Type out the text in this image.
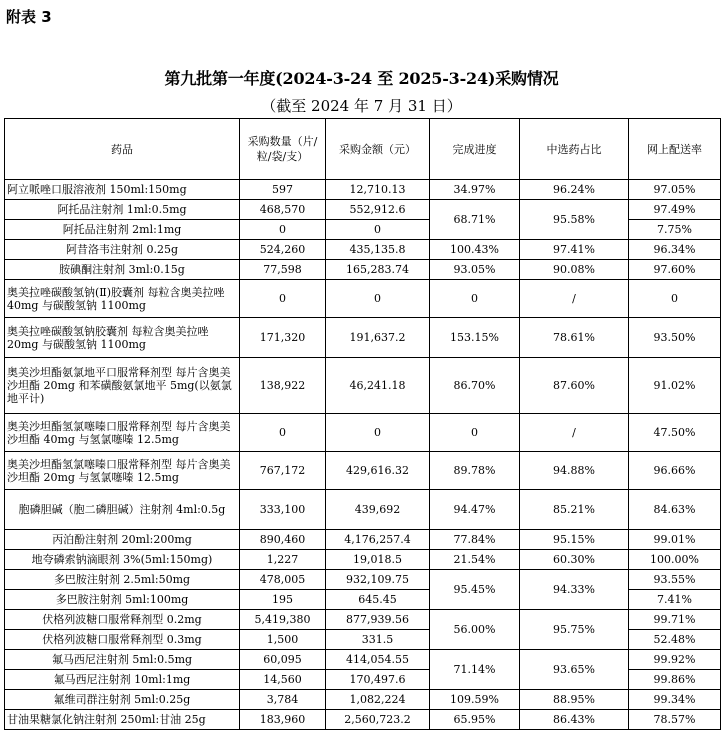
附表 3
第九批第一年度(2024-3-24 至 2025-3-24)采购情况
（截至 2024 年 7 月 31 日）
药品	采购数量（片/粒/袋/支）	采购金额（元）	完成进度	中选药占比	网上配送率
阿立哌唑口服溶液剂 150ml:150mg	597	12,710.13	34.97%	96.24%	97.05%
阿托品注射剂 1ml:0.5mg	468,570	552,912.6	68.71%	95.58%	97.49%
阿托品注射剂 2ml:1mg	0	0			7.75%
阿昔洛韦注射剂 0.25g	524,260	435,135.8	100.43%	97.41%	96.34%
胺碘酮注射剂 3ml:0.15g	77,598	165,283.74	93.05%	90.08%	97.60%
奥美拉唑碳酸氢钠(Ⅱ)胶囊剂 每粒含奥美拉唑 40mg 与碳酸氢钠 1100mg	0	0	0	/	0
奥美拉唑碳酸氢钠胶囊剂 每粒含奥美拉唑 20mg 与碳酸氢钠 1100mg	171,320	191,637.2	153.15%	78.61%	93.50%
奥美沙坦酯氨氯地平口服常释剂型 每片含奥美沙坦酯 20mg 和苯磺酸氨氯地平 5mg(以氨氯地平计)	138,922	46,241.18	86.70%	87.60%	91.02%
奥美沙坦酯氢氯噻嗪口服常释剂型 每片含奥美沙坦酯 40mg 与氢氯噻嗪 12.5mg	0	0	0	/	47.50%
奥美沙坦酯氢氯噻嗪口服常释剂型 每片含奥美沙坦酯 20mg 与氢氯噻嗪 12.5mg	767,172	429,616.32	89.78%	94.88%	96.66%
胞磷胆碱（胞二磷胆碱）注射剂 4ml:0.5g	333,100	439,692	94.47%	85.21%	84.63%
丙泊酚注射剂 20ml:200mg	890,460	4,176,257.4	77.84%	95.15%	99.01%
地夸磷索钠滴眼剂 3%(5ml:150mg)	1,227	19,018.5	21.54%	60.30%	100.00%
多巴胺注射剂 2.5ml:50mg	478,005	932,109.75	95.45%	94.33%	93.55%
多巴胺注射剂 5ml:100mg	195	645.45			7.41%
伏格列波糖口服常释剂型 0.2mg	5,419,380	877,939.56	56.00%	95.75%	99.71%
伏格列波糖口服常释剂型 0.3mg	1,500	331.5			52.48%
氟马西尼注射剂 5ml:0.5mg	60,095	414,054.55	71.14%	93.65%	99.92%
氟马西尼注射剂 10ml:1mg	14,560	170,497.6			99.86%
氟维司群注射剂 5ml:0.25g	3,784	1,082,224	109.59%	88.95%	99.34%
甘油果糖氯化钠注射剂 250ml:甘油 25g	183,960	2,560,723.2	65.95%	86.43%	78.57%
